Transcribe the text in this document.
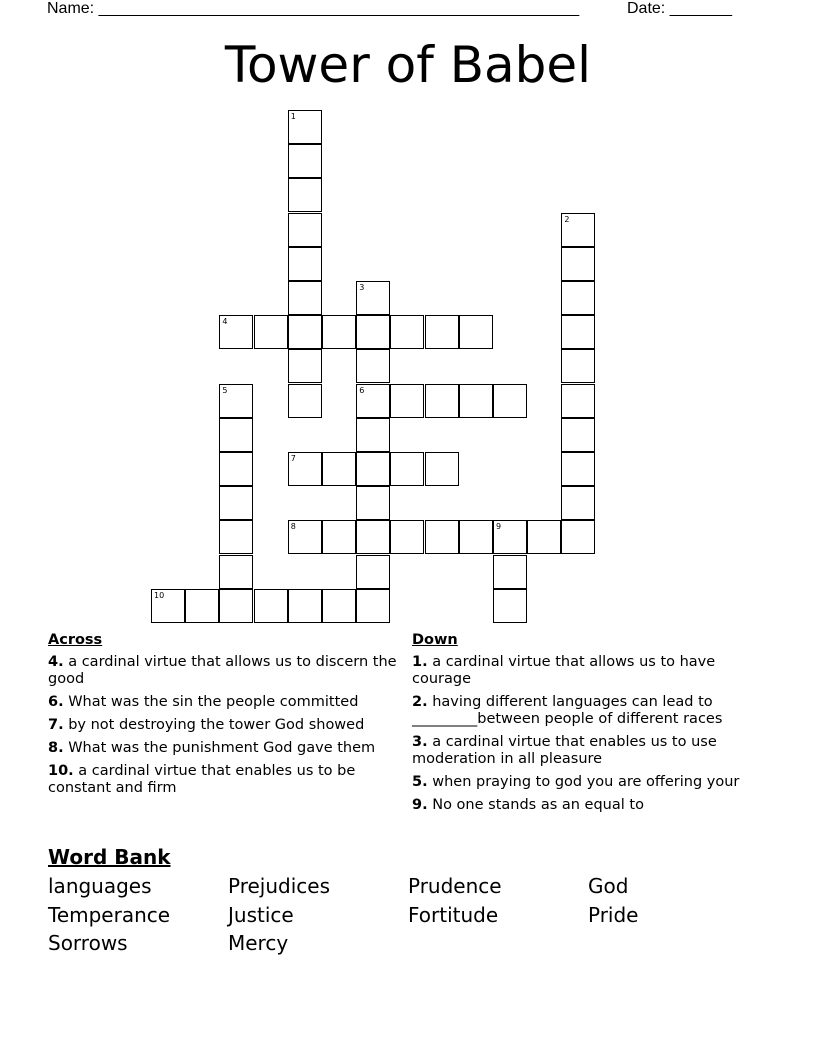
Name: ______________________________________________________	Date: _______
Tower of Babel
1
2
3
6
4
5
7
8	9
10
Across
4. a cardinal virtue that allows us to discern the good
6. What was the sin the people committed
7. by not destroying the tower God showed
8. What was the punishment God gave them
10. a cardinal virtue that enables us to be constant and firm
Down
1. a cardinal virtue that allows us to have courage
2. having different languages can lead to _________between people of different races
3. a cardinal virtue that enables us to use moderation in all pleasure
5. when praying to god you are offering your
9. No one stands as an equal to
Word Bank
languages	Prejudices	Prudence	God
Temperance	Justice	Fortitude	Pride
Sorrows	Mercy
